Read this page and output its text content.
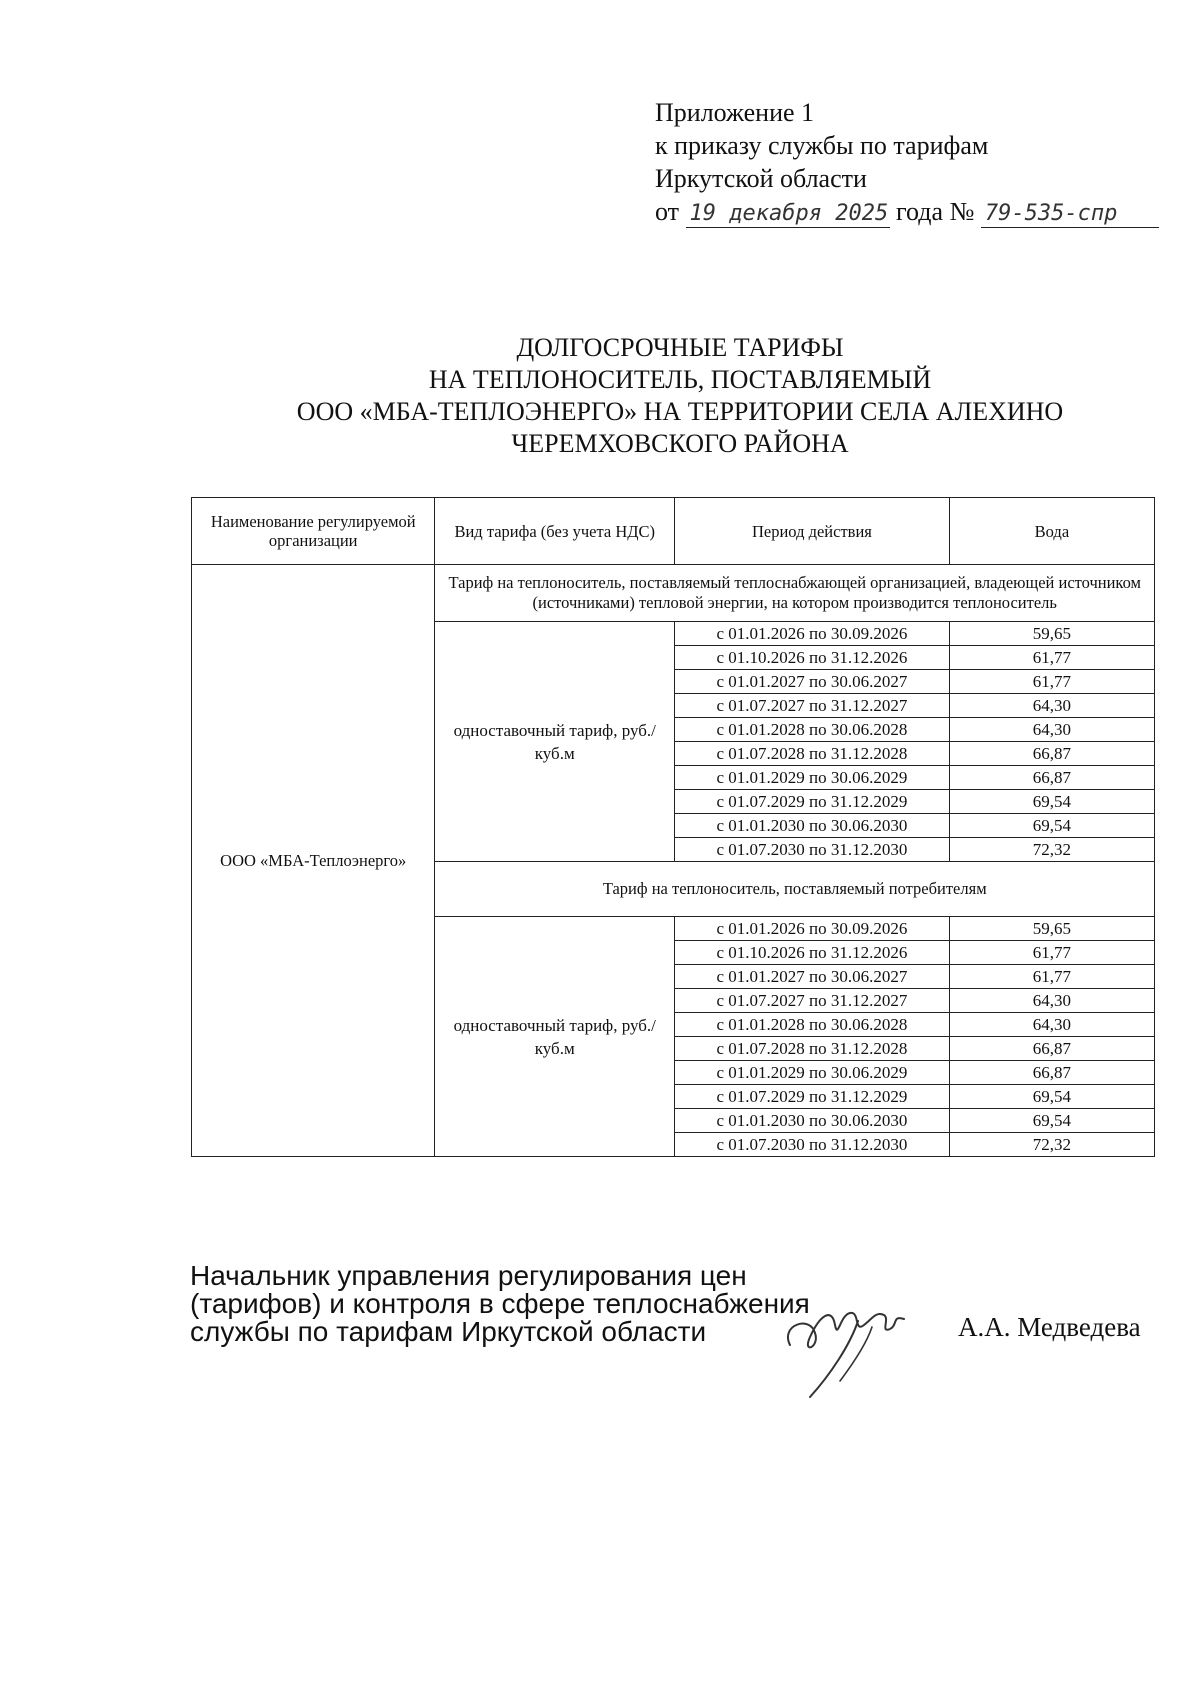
Приложение 1
к приказу службы по тарифам
Иркутской области
от 19 декабря 2025 года № 79-535-спр
ДОЛГОСРОЧНЫЕ ТАРИФЫ
НА ТЕПЛОНОСИТЕЛЬ, ПОСТАВЛЯЕМЫЙ
ООО «МБА-ТЕПЛОЭНЕРГО» НА ТЕРРИТОРИИ СЕЛА АЛЕХИНО
ЧЕРЕМХОВСКОГО РАЙОНА
Наименование регулируемой организации	Вид тарифа (без учета НДС)	Период действия	Вода
ООО «МБА-Теплоэнерго»	Тариф на теплоноситель, поставляемый теплоснабжающей организацией, владеющей источником (источниками) тепловой энергии, на котором производится теплоноситель		
	одноставочный тариф, руб./куб.м	с 01.01.2026 по 30.09.2026	59,65
		с 01.10.2026 по 31.12.2026	61,77
		с 01.01.2027 по 30.06.2027	61,77
		с 01.07.2027 по 31.12.2027	64,30
		с 01.01.2028 по 30.06.2028	64,30
		с 01.07.2028 по 31.12.2028	66,87
		с 01.01.2029 по 30.06.2029	66,87
		с 01.07.2029 по 31.12.2029	69,54
		с 01.01.2030 по 30.06.2030	69,54
		с 01.07.2030 по 31.12.2030	72,32
	Тариф на теплоноситель, поставляемый потребителям		
	одноставочный тариф, руб./куб.м	с 01.01.2026 по 30.09.2026	59,65
		с 01.10.2026 по 31.12.2026	61,77
		с 01.01.2027 по 30.06.2027	61,77
		с 01.07.2027 по 31.12.2027	64,30
		с 01.01.2028 по 30.06.2028	64,30
		с 01.07.2028 по 31.12.2028	66,87
		с 01.01.2029 по 30.06.2029	66,87
		с 01.07.2029 по 31.12.2029	69,54
		с 01.01.2030 по 30.06.2030	69,54
		с 01.07.2030 по 31.12.2030	72,32
Начальник управления регулирования цен
(тарифов) и контроля в сфере теплоснабжения
службы по тарифам Иркутской области	А.А. Медведева
